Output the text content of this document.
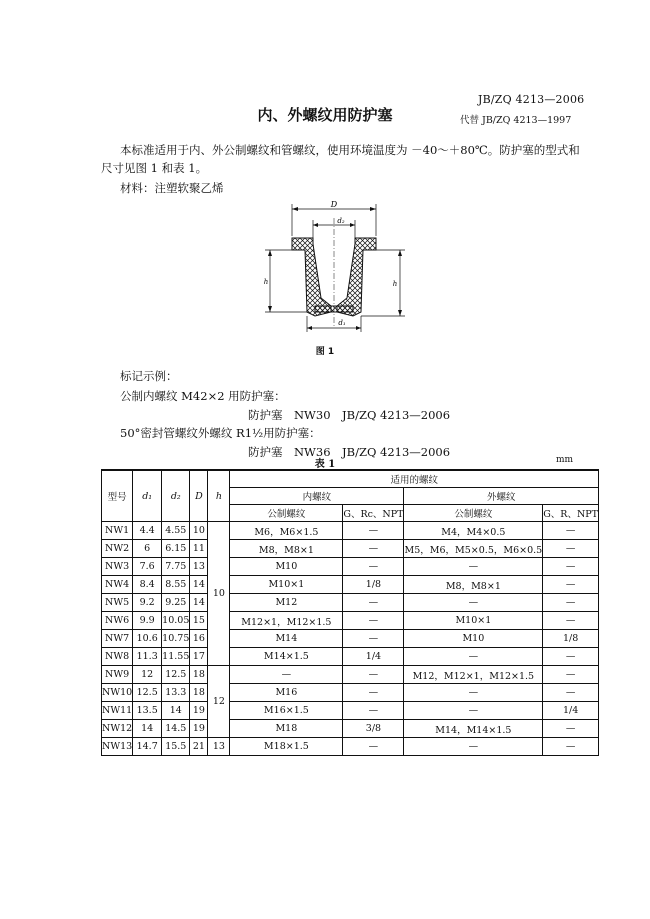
JB/ZQ 4213—2006
内、外螺纹用防护塞	代替 JB/ZQ 4213—1997
本标准适用于内、外公制螺纹和管螺纹，使用环境温度为 －40～＋80℃。防护塞的型式和
尺寸见图 1 和表 1。
材料：注塑软聚乙烯
D
d₂
h	h
d₁
图 1
标记示例：
公制内螺纹 M42×2 用防护塞：
防护塞　NW30　JB/ZQ 4213—2006
50°密封管螺纹外螺纹 R1½用防护塞：
防护塞　NW36　JB/ZQ 4213—2006
表 1	mm
型号	d₁	d₂	D	h	适用的螺纹			
					内螺纹		外螺纹	
					公制螺纹	G、Rc、NPT	公制螺纹	G、R、NPT
NW1	4.4	4.55	10	10	M6，M6×1.5	—	M4，M4×0.5	—
NW2	6	6.15	11		M8，M8×1	—	M5，M6，M5×0.5，M6×0.5	—
NW3	7.6	7.75	13		M10	—	—	—
NW4	8.4	8.55	14		M10×1	1/8	M8，M8×1	—
NW5	9.2	9.25	14		M12	—	—	—
NW6	9.9	10.05	15		M12×1，M12×1.5	—	M10×1	—
NW7	10.6	10.75	16		M14	—	M10	1/8
NW8	11.3	11.55	17		M14×1.5	1/4	—	—
NW9	12	12.5	18	12	—	—	M12，M12×1，M12×1.5	—
NW10	12.5	13.3	18		M16	—	—	—
NW11	13.5	14	19		M16×1.5	—	—	1/4
NW12	14	14.5	19		M18	3/8	M14，M14×1.5	—
NW13	14.7	15.5	21	13	M18×1.5	—	—	—
